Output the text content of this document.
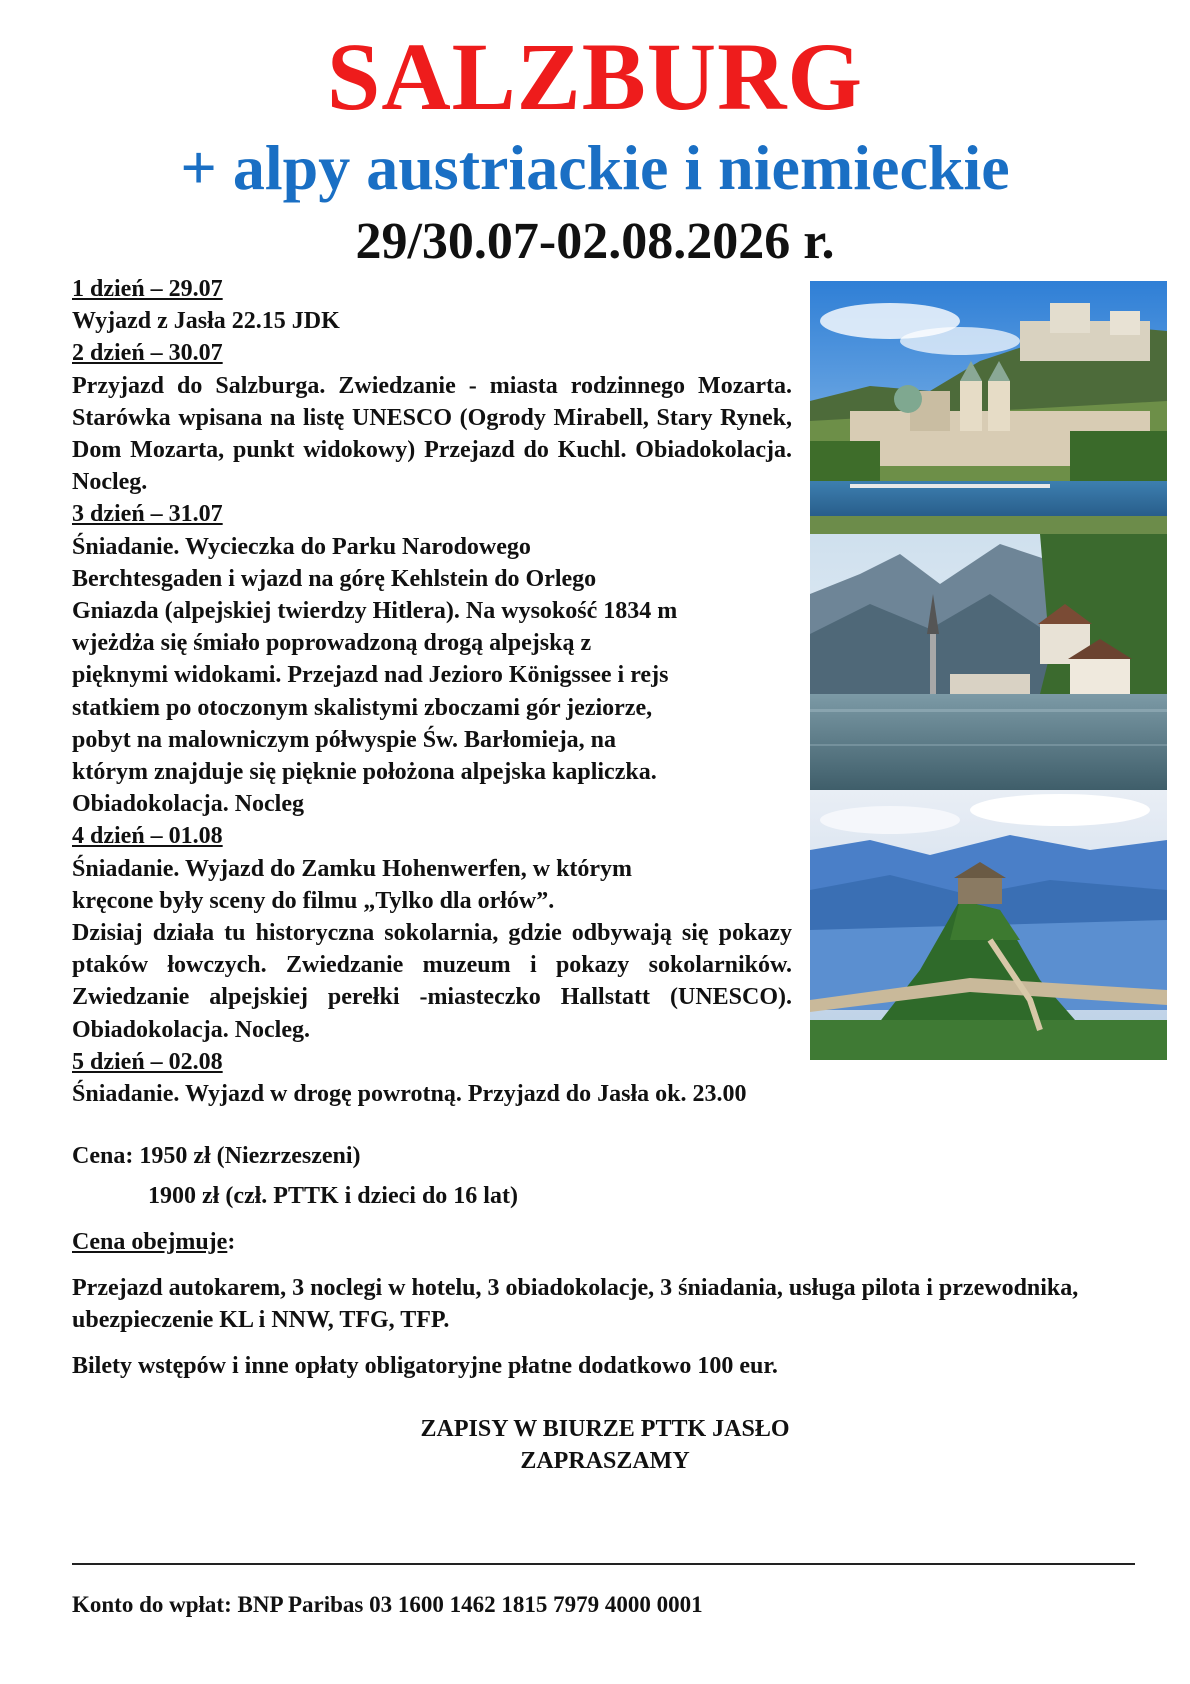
SALZBURG
+ alpy austriackie i niemieckie
29/30.07-02.08.2026 r.
1 dzień – 29.07
Wyjazd z Jasła 22.15 JDK
2 dzień – 30.07
Przyjazd do Salzburga. Zwiedzanie - miasta rodzinnego Mozarta. Starówka wpisana na listę UNESCO (Ogrody Mirabell, Stary Rynek, Dom Mozarta, punkt widokowy) Przejazd do Kuchl. Obiadokolacja. Nocleg.
3 dzień – 31.07
Śniadanie. Wycieczka do Parku Narodowego
Berchtesgaden i wjazd na górę Kehlstein do Orlego
Gniazda (alpejskiej twierdzy Hitlera). Na wysokość 1834 m
wjeżdża się śmiało poprowadzoną drogą alpejską z
pięknymi widokami. Przejazd nad Jezioro Königssee i rejs
statkiem po otoczonym skalistymi zboczami gór jeziorze,
pobyt na malowniczym półwyspie Św. Barłomieja, na
którym znajduje się pięknie położona alpejska kapliczka.
Obiadokolacja. Nocleg
4 dzień – 01.08
Śniadanie. Wyjazd do Zamku Hohenwerfen, w którym
kręcone były sceny do filmu „Tylko dla orłów”.
Dzisiaj działa tu historyczna sokolarnia, gdzie odbywają się pokazy ptaków łowczych. Zwiedzanie muzeum i pokazy sokolarników. Zwiedzanie alpejskiej perełki -miasteczko Hallstatt (UNESCO). Obiadokolacja. Nocleg.
5 dzień – 02.08
Śniadanie. Wyjazd w drogę powrotną. Przyjazd do Jasła ok. 23.00
Cena: 1950 zł (Niezrzeszeni)
1900 zł (czł. PTTK i dzieci do 16 lat)
Cena obejmuje:
Przejazd autokarem, 3 noclegi w hotelu, 3 obiadokolacje, 3 śniadania, usługa pilota i przewodnika, ubezpieczenie KL i NNW, TFG, TFP.
Bilety wstępów i inne opłaty obligatoryjne płatne dodatkowo 100 eur.
ZAPISY W BIURZE PTTK JASŁO
ZAPRASZAMY
Konto do wpłat: BNP Paribas 03 1600 1462 1815 7979 4000 0001
